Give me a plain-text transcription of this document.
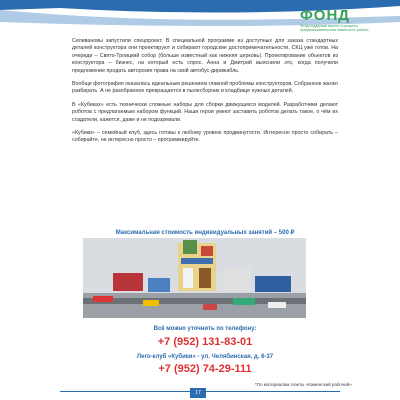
ФОНД
Фонд поддержки малого и среднего предпринимательства Каменского района

Селивановы запустили спецпроект. В специальной программе из доступных для заказа стандартных деталей конструктора они проектируют и собирают городские достопримечательности. СКЦ уже готов. На очереди – Свято-Троицкий собор (больше известный как нижняя церковь). Проектирование объектов из конструктора – бизнес, на который есть спрос. Анна и Дмитрий выяснили это, когда получили предложение продать авторские права на свой автобус-дирижабль.

Вообще фотография оказалась идеальным решением главной проблемы конструкторов. Собранное жалко разбирать. А не разобранное превращается в пылесборник и кладбище нужных деталей.

В «Кубиках» есть технически сложные наборы для сборки движущихся моделей. Разработчики делают роботов с предлагаемым набором функций. Наши герои умеют заставить роботов делать такое, о чём их создатели, кажется, даже и не подозревали.

«Кубики» – семейный клуб, здесь готовы к любому уровню продвинутости. Интересно просто собирать – собирайте, не интересно просто – программируйте.

Максимальная стоимость индивидуальных занятий – 500 ₽
Всё можно уточнить по телефону:
+7 (952) 131-83-01
Лего-клуб «Кубики» - ул. Челябинская, д. 6-37
+7 (952) 74-29-111
*По материалам газеты «Каменский рабочий»
17
